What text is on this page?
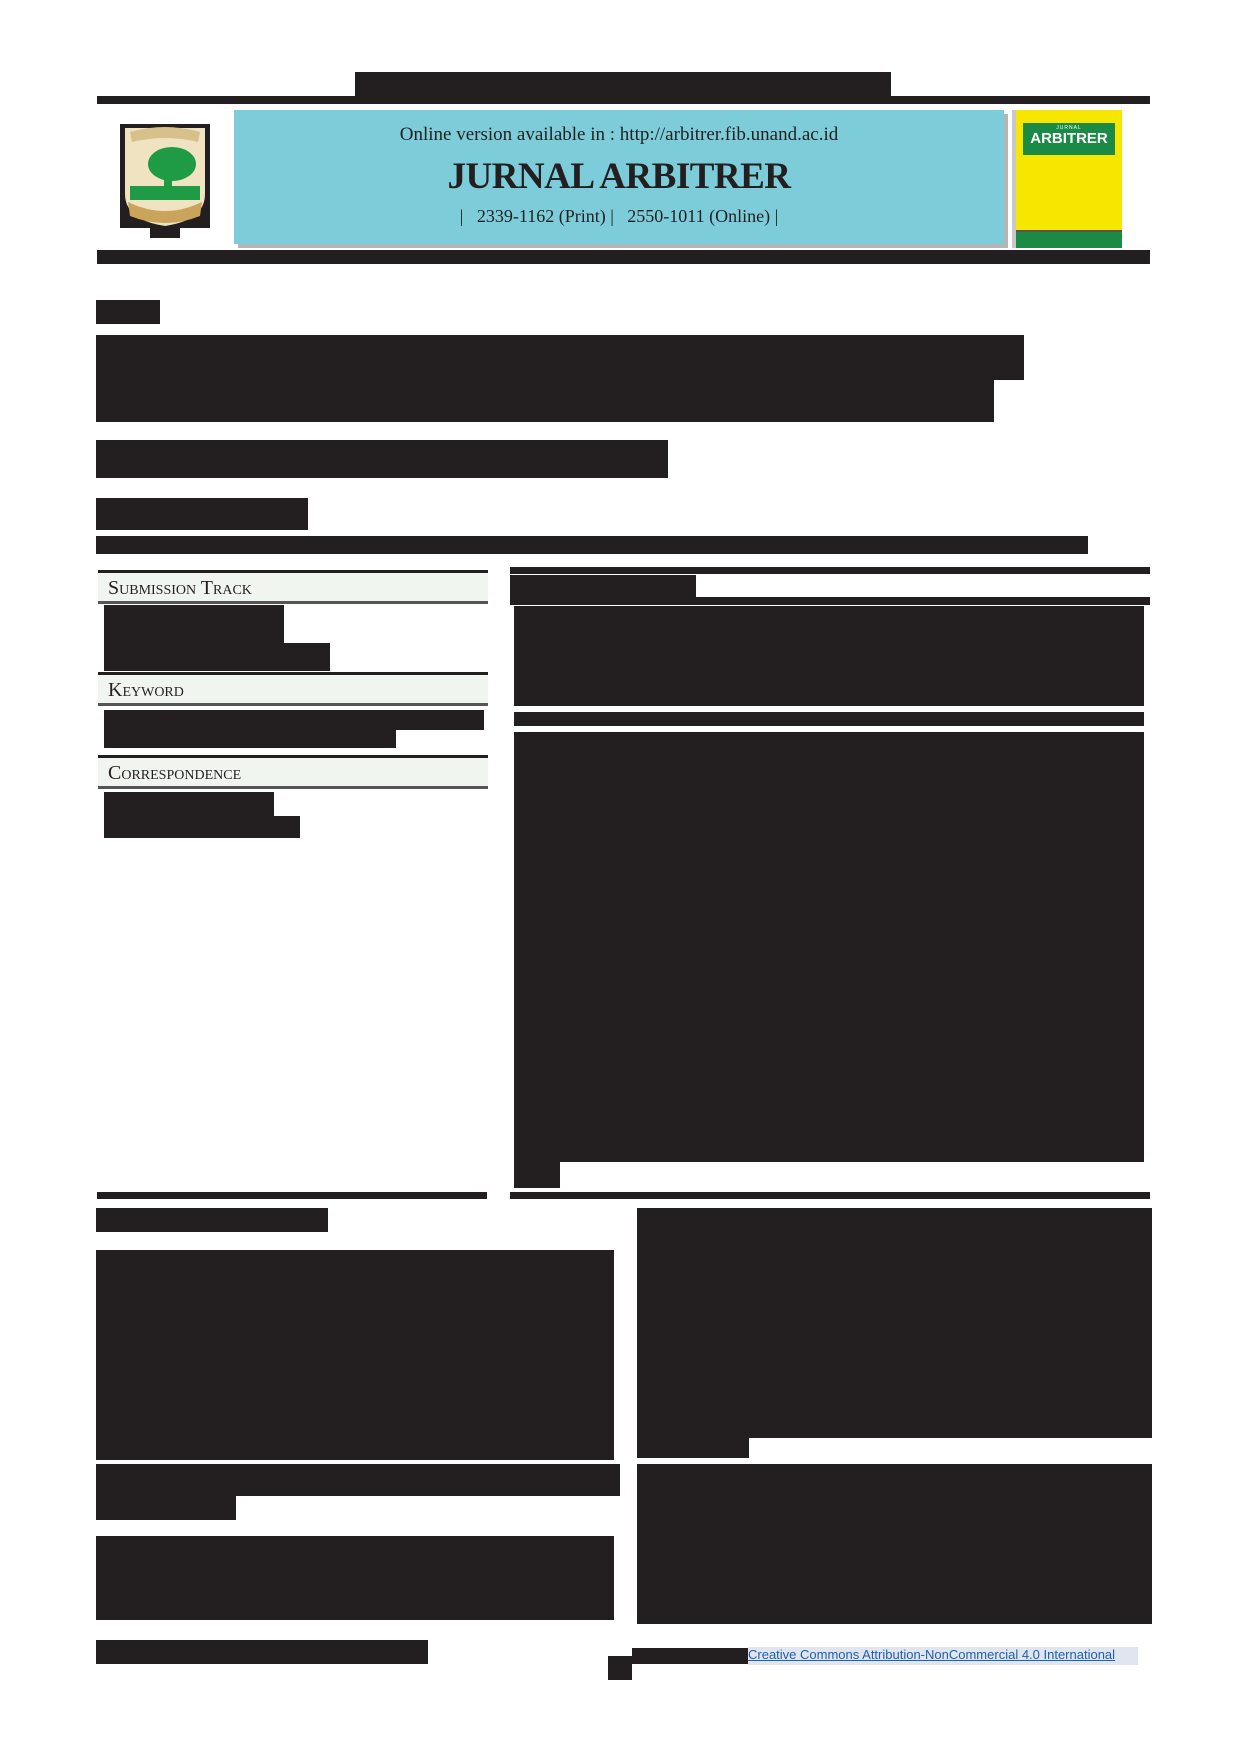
Online version available in : http://arbitrer.fib.unand.ac.id
JURNAL ARBITRER
|   2339-1162 (Print) |   2550-1011 (Online) |
JURNAL
ARBITRER
Submission Track
Keyword
Correspondence
Creative Commons Attribution-NonCommercial 4.0 International
